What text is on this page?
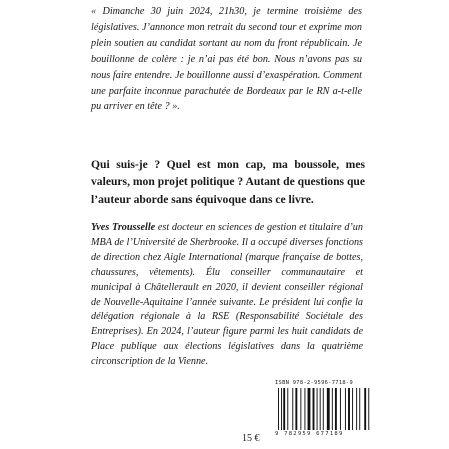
« Dimanche 30 juin 2024, 21h30, je termine troisième des législatives. J’annonce mon retrait du second tour et exprime mon plein soutien au candidat sortant au nom du front républicain. Je bouillonne de colère : je n’ai pas été bon. Nous n’avons pas su nous faire entendre. Je bouillonne aussi d’exaspération. Comment une parfaite inconnue parachutée de Bordeaux par le RN a-t-elle pu arriver en tête ? ».

Qui suis-je ? Quel est mon cap, ma boussole, mes valeurs, mon projet politique ? Autant de questions que l’auteur aborde sans équivoque dans ce livre.

Yves Trousselle est docteur en sciences de gestion et titulaire d’un MBA de l’Université de Sherbrooke. Il a occupé diverses fonctions de direction chez Aigle International (marque française de bottes, chaussures, vêtements). Élu conseiller communautaire et municipal à Châtellerault en 2020, il devient conseiller régional de Nouvelle-Aquitaine l’année suivante. Le président lui confie la délégation régionale à la RSE (Responsabilité Sociétale des Entreprises). En 2024, l’auteur figure parmi les huit candidats de Place publique aux élections législatives dans la quatrième circonscription de la Vienne.

ISBN 978-2-9596-7718-9
9 782959 677189
15 €
